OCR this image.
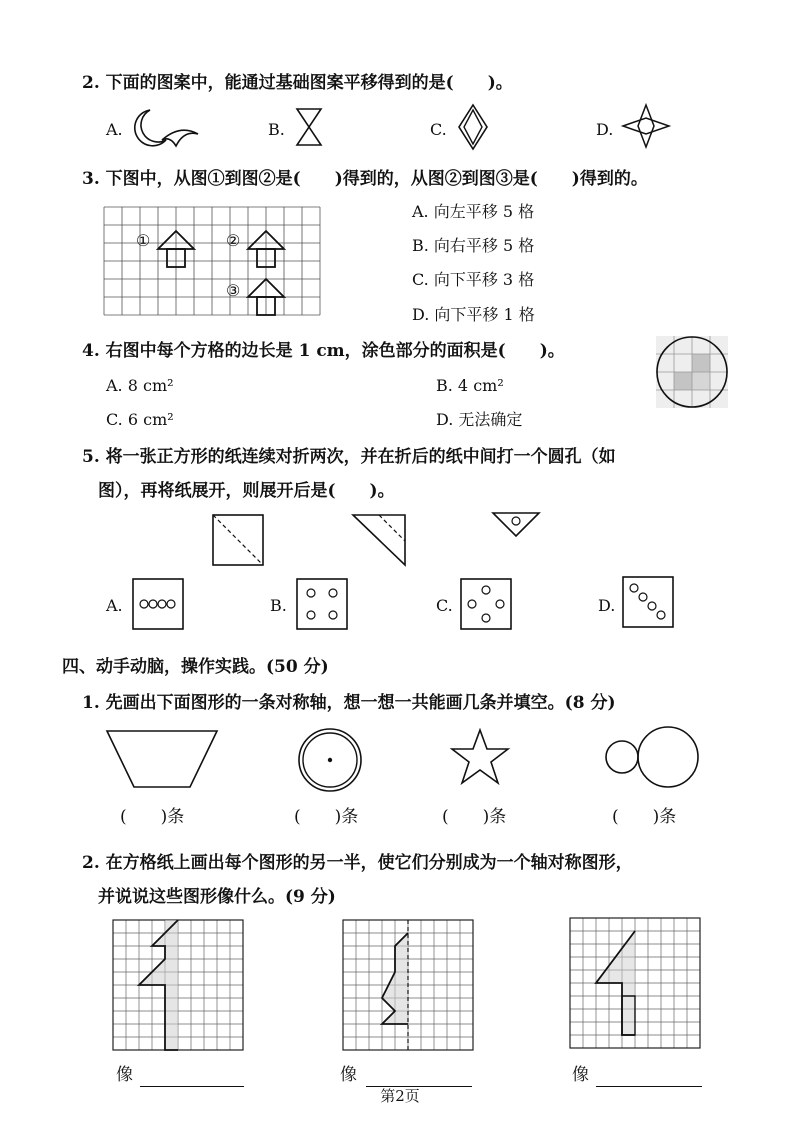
2. 下面的图案中，能通过基础图案平移得到的是(　　)。
A.	B.	C.	D.
3. 下图中，从图①到图②是(　　)得到的，从图②到图③是(　　)得到的。
①	②
③
A. 向左平移 5 格
B. 向右平移 5 格
C. 向下平移 3 格
D. 向下平移 1 格
4. 右图中每个方格的边长是 1 cm，涂色部分的面积是(　　)。
A. 8 cm²	B. 4 cm²
C. 6 cm²	D. 无法确定
5. 将一张正方形的纸连续对折两次，并在折后的纸中间打一个圆孔（如
图），再将纸展开，则展开后是(　　)。
A.	B.	C.	D.
四、动手动脑，操作实践。(50 分)
1. 先画出下面图形的一条对称轴，想一想一共能画几条并填空。(8 分)
(　　)条	(　　)条	(　　)条	(　　)条
2. 在方格纸上画出每个图形的另一半，使它们分别成为一个轴对称图形，
并说说这些图形像什么。(9 分)
像	像	像
第2页
